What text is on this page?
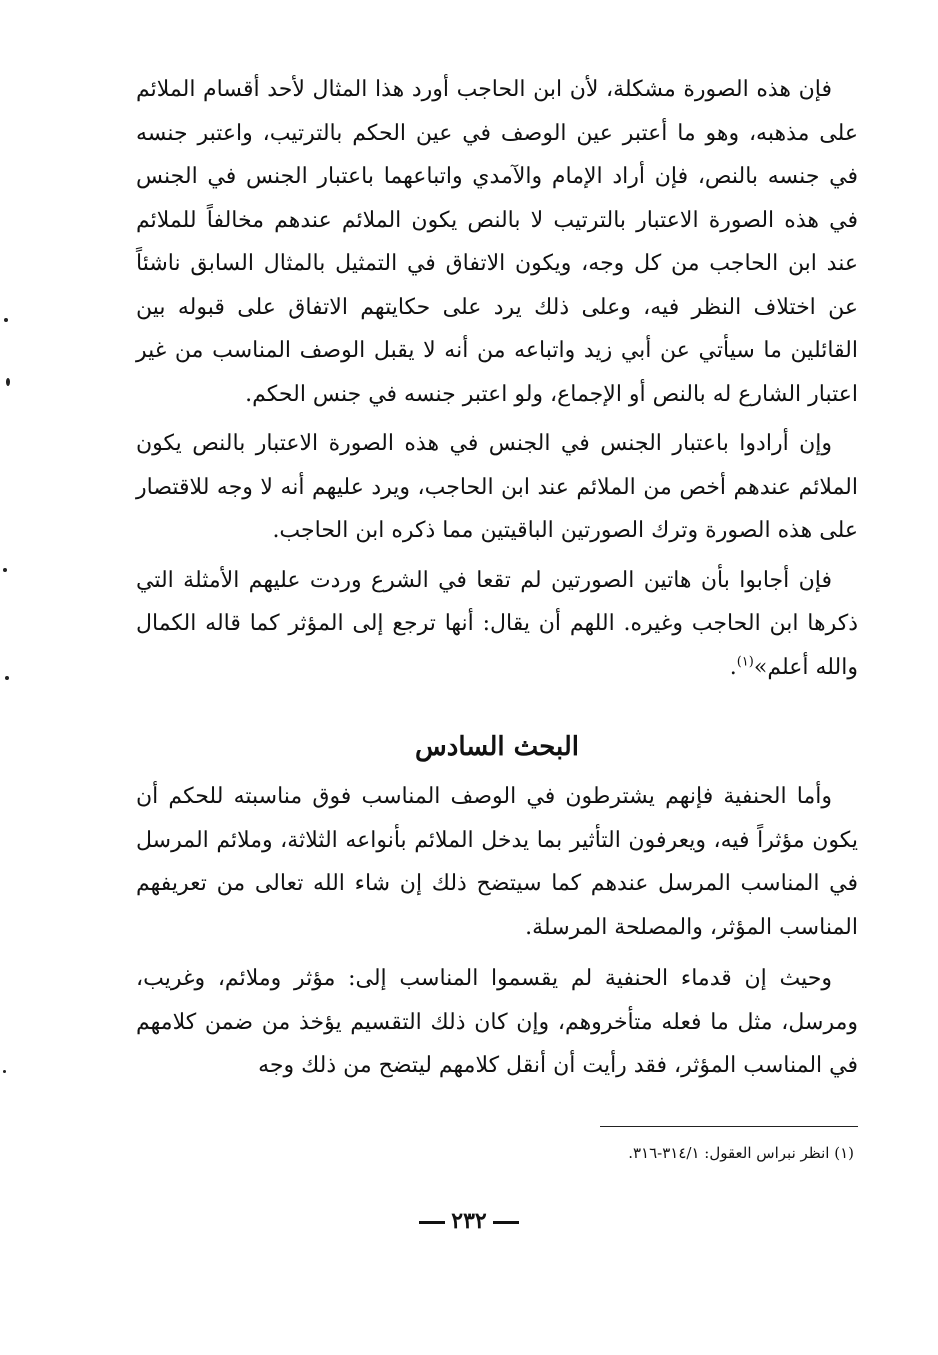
فإن هذه الصورة مشكلة، لأن ابن الحاجب أورد هذا المثال لأحد أقسام الملائم على مذهبه، وهو ما أعتبر عين الوصف في عين الحكم بالترتيب، واعتبر جنسه في جنسه بالنص، فإن أراد الإمام والآمدي واتباعهما باعتبار الجنس في الجنس في هذه الصورة الاعتبار بالترتيب لا بالنص يكون الملائم عندهم مخالفاً للملائم عند ابن الحاجب من كل وجه، ويكون الاتفاق في التمثيل بالمثال السابق ناشئاً عن اختلاف النظر فيه، وعلى ذلك يرد على حكايتهم الاتفاق على قبوله بين القائلين ما سيأتي عن أبي زيد واتباعه من أنه لا يقبل الوصف المناسب من غير اعتبار الشارع له بالنص أو الإجماع، ولو اعتبر جنسه في جنس الحكم.

وإن أرادوا باعتبار الجنس في الجنس في هذه الصورة الاعتبار بالنص يكون الملائم عندهم أخص من الملائم عند ابن الحاجب، ويرد عليهم أنه لا وجه للاقتصار على هذه الصورة وترك الصورتين الباقيتين مما ذكره ابن الحاجب.

فإن أجابوا بأن هاتين الصورتين لم تقعا في الشرع وردت عليهم الأمثلة التي ذكرها ابن الحاجب وغيره. اللهم أن يقال: أنها ترجع إلى المؤثر كما قاله الكمال والله أعلم»$^{(١)}$.

البحث السادس

وأما الحنفية فإنهم يشترطون في الوصف المناسب فوق مناسبته للحكم أن يكون مؤثراً فيه، ويعرفون التأثير بما يدخل الملائم بأنواعه الثلاثة، وملائم المرسل في المناسب المرسل عندهم كما سيتضح ذلك إن شاء الله تعالى من تعريفهم المناسب المؤثر، والمصلحة المرسلة.

وحيث إن قدماء الحنفية لم يقسموا المناسب إلى: مؤثر وملائم، وغريب، ومرسل، مثل ما فعله متأخروهم، وإن كان ذلك التقسيم يؤخذ من ضمن كلامهم في المناسب المؤثر، فقد رأيت أن أنقل كلامهم ليتضح من ذلك وجه

(١) انظر نبراس العقول: ٣١٤/١-٣١٦.
٢٣٢
